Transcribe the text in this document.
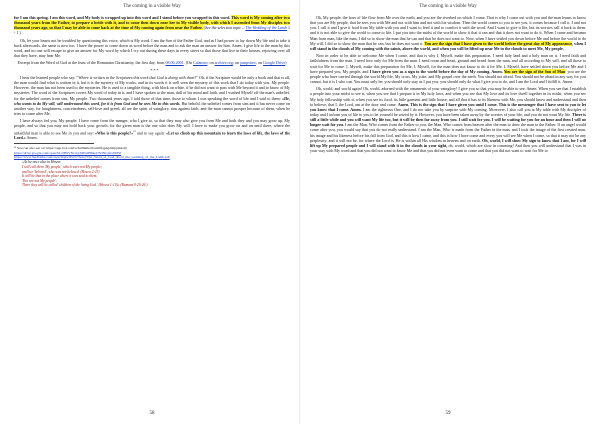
The coming in a visible Way

for I am this spring. I am this word, and My body is wrapped up into this word and I stand before you wrapped in this word. This word is My coming after two thousand years from the Father, to prepare a bride with it, and to come then down near her in My visible body, with which I ascended from My disciples two thousand years ago, so that I may be able to come back at the time of My coming again from near the Father. (See the selection topic – The Wedding of the Lamb 1 - 1 )

Oh, let your hearts not be troubled by questioning this voice, which is My word. I am the Son of the Father God, and as I had power to lay down My life and to take it back afterwards, the same is now too. I have the power to come down as word before the man and to ask the man an answer for him. Amen. I give life to the man by this word, and no one will escape to give an answer for My word by which I cry out during these days in every street so that those that live in their houses, rejoicing over all that they have, may hear Me.

Excerpt from the Word of God at the feast of the Romanian Christianity, the first day, from 08.06.2001. (On Calameo; on archive.org; on jampsiteo; on Google Drive)

***

I hear the learned people who say: "Where is written in the Scriptures this work that God is doing with them?" Oh, if the Scripture would be only a book and that is all, the man would find what is written in it, but it is the mystery of My works, and in its words it is well seen the mystery of this work that I do today with you, My people. However, the man has not been used to the mysteries. He is used to a tangible thing, with black on white, if he did not want to pass with Me beyond it and to know of My mysteries. The word of the Scriptures covers My word of today in it, and I have spoken to the man, dull of his mind and faith, and I washed Myself off the man's unbelief, for the unbelief comes from sins, My people. Two thousand years ago, I told those of that time, those to whom I was speaking the word of life and I said to them: «He, who wants to do My will, will understand this word, for it is from God and he sees Me in this words. But behold, the unbelief comes from sins and it has never come on another way, for haughtiness, conceitedness, self-love and greed, all are the spirit of vainglory, sins against faith, and the man cannot prosper because of them, when he tries to come after Me.

I have always fed you, My people. I have come from the manger, who I give to, so that they may also give you from Me and both they and you may grow up, My people, and so that you may not hold back your growth, for the given man is the one who does My will. I have to make you grow on and on until there, where the unfaithful man is able to see Me in you and say: «Who is this people?»$^{11}$ and to say again: «Let us climb up this mountain to learn the laws of life, the laws of the Lord.» Amen.

¹¹ You can also see on: https://app.box.com/s/2n0mmewbwmf6qpngda0ppm4o9j
https://drive.google.com/open?id=0B9VNt11gJOPadHhkeUN3NGtzG8UHJ
https://www.mediafire.com/view/9q2w0fw57/bswz/The_Word_of_God_about_the_wedding_of_the_Lamb.pdf
«As he once also in Hosea:
I will call them 'My people,' which were not My people;
and her 'beloved', who was not beloved. (Hosea 2:23)
It will be that in the place where it was said to them,
'You are not My people';
There they will be called 'children of the living God.' (Hosea 1:10)» (Romans 9:25-26.)
58
The coming in a visible Way

Oh, My people, the laws of life flow from Me over the earth, and you are the riverbed on which I come. That is why I come out with you and the man learns to know that you are My people, that he sees you with Me and not with him and not with his wisdom. Then the world comes to you to see you, it comes because I call it. I and not you. I call it and I give it food from My table with you and I want to feed it and to comfort it with the word. And I want to give it life, but its worries call it back to them, and it is not able to give the world to come to life. I put you into the midst of the world to show it that it can and that it does not want to do it. When I came and became Man from man, like the man, I did so to show the man that he can and that he does not want to. Now, when I have settled you down before Me and before the world to do My will, I did so to show the man that he can, but he does not want it. You are the sign that I have given to the world before the great day of My appearance, when I will stand in the clouds of My coming with the saints, above the world, and when you will be lifted up near Me in the clouds to meet Me, My people.

Now in order to be able to welcome Me when I come, and that is why I, Myself, make this preparation. I need holy land and a holy man on it. I need faith and faithfulness from the man. I need love only for Me from the man. I need room and heart, ground and bread from the man, and all according to My will, and all those to wait for Me to come. I, Myself, make this preparation for Me, I, Myself, for the man does not know to do it for Me. I, Myself, have settled down you before Me and I have prepared you, My people, and I have given you as a sign to the world before the day of My coming. Amen. You are the sign of the Son of Man: you are the people who have carried through the world My life, My cross, My yoke, and My gospel over the earth. You should not afraid. You should not be afraid in any way for you cannot, but it is I who can. You must only be; you should only stay as I put you; you should only do what I give you to do, and I am the Lord and I fulfill it. Amen.

Oh, world, and world again! Oh, world, adorned with the ornaments of your vainglory! I give you so that you may be able to see. Amen. When you see that I establish a people into your midst to see it, when you see that I prepare it in My holy laws, and when you see that My love and its love dwell together in its midst, when you see My holy fellowship with it, when you see its food, its little garment and little house; and all that it has to its likeness with Me, you should know and understand and then to believe, that I, the Lord, am at the door and come. Amen. This is the sign that I have given you until I come. This is the messenger that I have sent to you to let you know that I come. Amen. I am the righteous One, and I do not take you by surprise with My coming. Moreover, I also call you at My table with My disciples of today and I inform you of life to you to let yourself be seized by it. However, you have been taken away by the worries of your life, and you do not want My life. There is still a little while and you will want My life too, but it will be then far away from you. I still wait for you. I will be waiting for you for an hour and then I will no longer wait for you. I am the Man, Who comes from the Father to you, the Man, Who comes from heaven after the man to draw the man to the Father. If an angel would come after you, you would say that you do not really understand. I am the Man, Who is made from the Father in the man, and I took the image of the first created man, his image and his likeness before his fall from God, and this is how I came, and this is how I have come and every you will see Me when I come, so that it may not be any perplexity; and it will not be, for where the Lord is, He is within all His wisdom in heaven and on earth. Oh, world, I will show My sign to know that I am, for I will lift up My prepared people and I will stand with it in the clouds in your sight, oh, world, which are slow in comming! And then you will understand that I was in your way with My word and that you did not want to know Me and that you did not even want to come and that you did not want to wait for Me to

59
